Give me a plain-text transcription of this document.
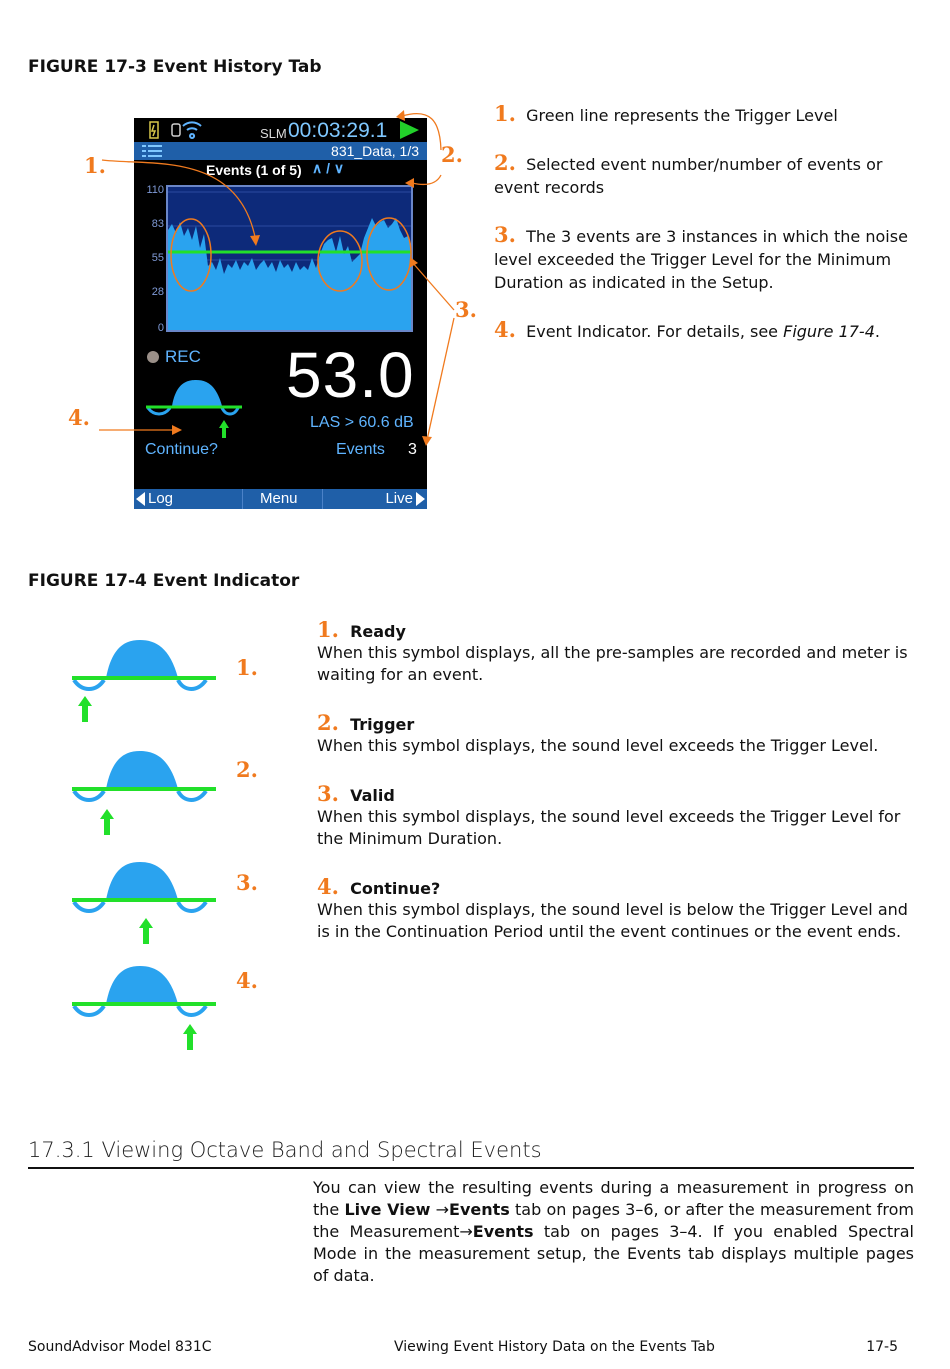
FIGURE 17-3 Event History Tab
SLM 00:03:29.1
831_Data, 1/3
Events (1 of 5) ∧ / ∨
110
83
55
28
0
REC 53.0
Continue?
LAS > 60.6 dB
Events 3
Log	Menu	Live
1.	2.
3.
4.
1. Green line represents the Trigger Level
2. Selected event number/number of events or event records
3. The 3 events are 3 instances in which the noise level exceeded the Trigger Level for the Minimum Duration as indicated in the Setup.
4. Event Indicator. For details, see Figure 17-4.
FIGURE 17-4 Event Indicator
1.
2.
3.
4.
1. Ready
When this symbol displays, all the pre-samples are recorded and meter is waiting for an event.
2. Trigger
When this symbol displays, the sound level exceeds the Trigger Level.
3. Valid
When this symbol displays, the sound level exceeds the Trigger Level for the Minimum Duration.
4. Continue?
When this symbol displays, the sound level is below the Trigger Level and is in the Continuation Period until the event continues or the event ends.
17.3.1 Viewing Octave Band and Spectral Events
You can view the resulting events during a measurement in progress on the Live View →Events tab on pages 3–6, or after the measurement from the Measurement→Events tab on pages 3–4. If you enabled Spectral Mode in the measurement setup, the Events tab displays multiple pages of data.
SoundAdvisor Model 831C	Viewing Event History Data on the Events Tab	17-5
